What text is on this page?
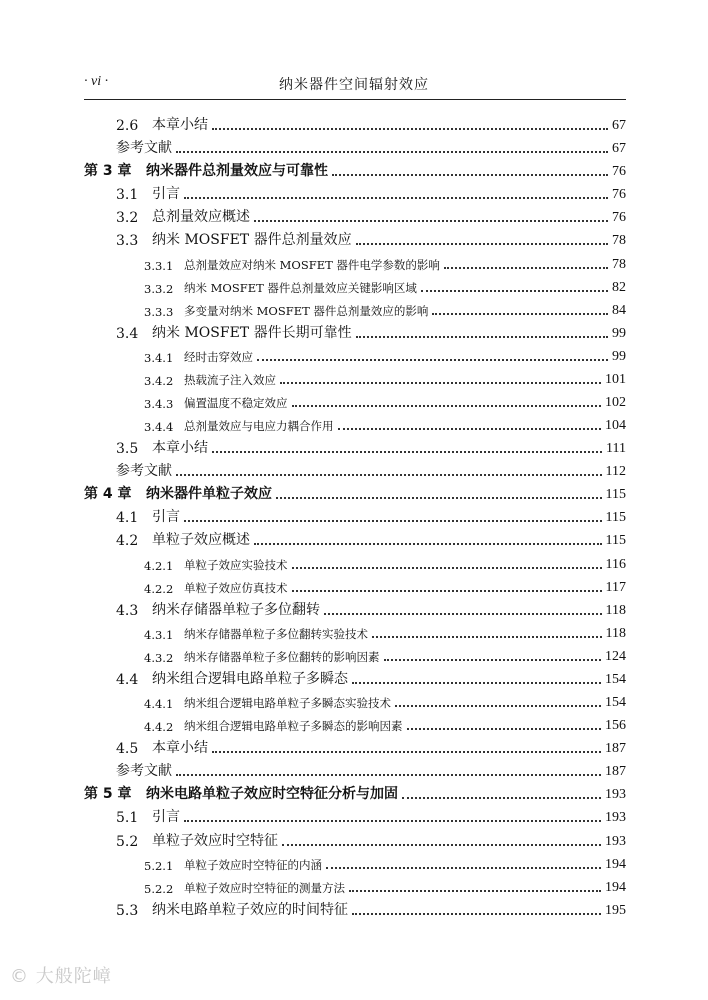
· vi ·	纳米器件空间辐射效应
2.6 本章小结	67
参考文献	67
第 3 章	纳米器件总剂量效应与可靠性	76
3.1 引言	76
3.2 总剂量效应概述	76
3.3 纳米 MOSFET 器件总剂量效应	78
3.3.1 总剂量效应对纳米 MOSFET 器件电学参数的影响	78
3.3.2 纳米 MOSFET 器件总剂量效应关键影响区域	82
3.3.3 多变量对纳米 MOSFET 器件总剂量效应的影响	84
3.4 纳米 MOSFET 器件长期可靠性	99
3.4.1 经时击穿效应	99
3.4.2 热载流子注入效应	101
3.4.3 偏置温度不稳定效应	102
3.4.4 总剂量效应与电应力耦合作用	104
3.5 本章小结	111
参考文献	112
第 4 章	纳米器件单粒子效应	115
4.1 引言	115
4.2 单粒子效应概述	115
4.2.1 单粒子效应实验技术	116
4.2.2 单粒子效应仿真技术	117
4.3 纳米存储器单粒子多位翻转	118
4.3.1 纳米存储器单粒子多位翻转实验技术	118
4.3.2 纳米存储器单粒子多位翻转的影响因素	124
4.4 纳米组合逻辑电路单粒子多瞬态	154
4.4.1 纳米组合逻辑电路单粒子多瞬态实验技术	154
4.4.2 纳米组合逻辑电路单粒子多瞬态的影响因素	156
4.5 本章小结	187
参考文献	187
第 5 章	纳米电路单粒子效应时空特征分析与加固	193
5.1 引言	193
5.2 单粒子效应时空特征	193
5.2.1 单粒子效应时空特征的内涵	194
5.2.2 单粒子效应时空特征的测量方法	194
5.3 纳米电路单粒子效应的时间特征	195
© 大般陀嶂
